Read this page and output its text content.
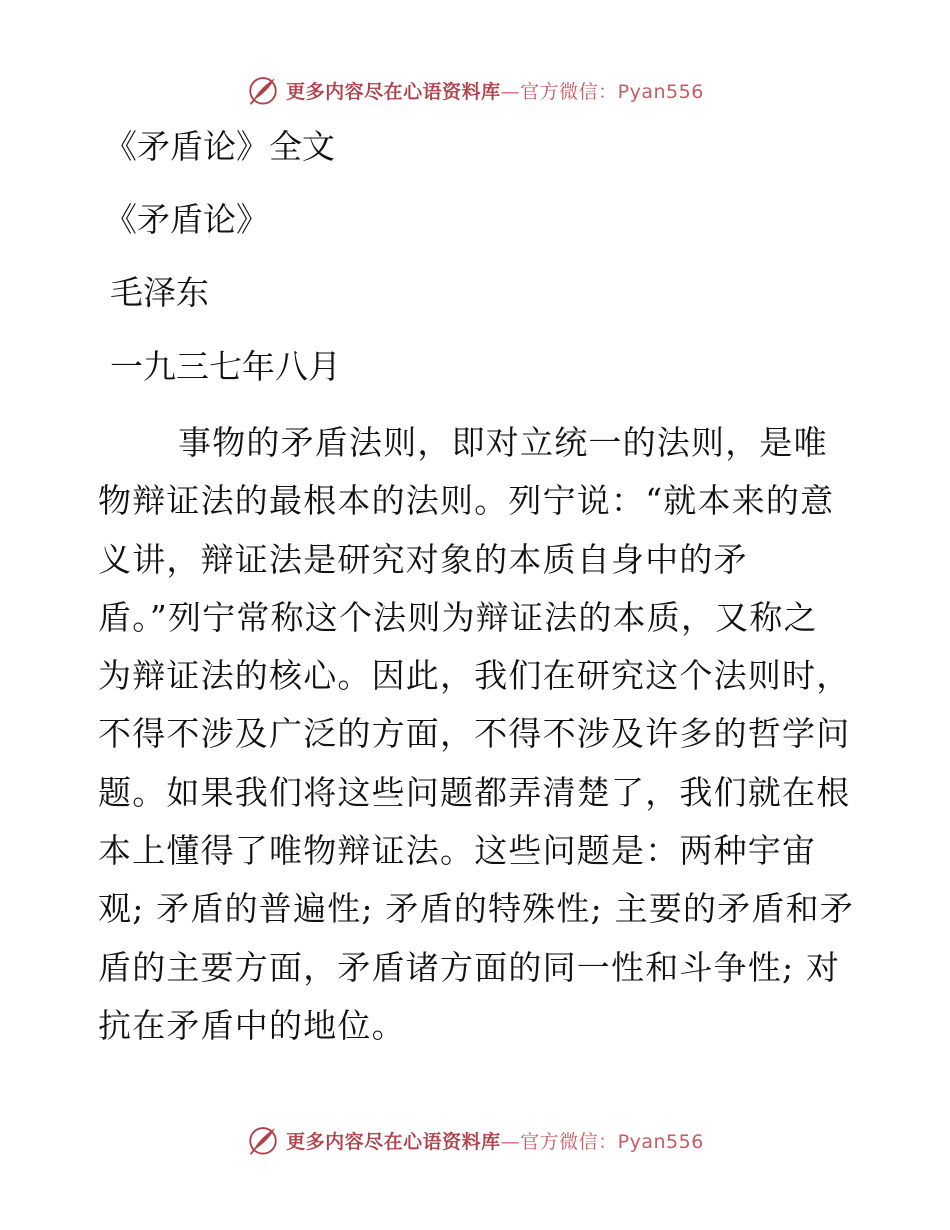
更多内容尽在心语资料库—官方微信：Pyan556
《矛盾论》全文
《矛盾论》
毛泽东
一九三七年八月
事物的矛盾法则，即对立统一的法则，是唯
物辩证法的最根本的法则。列宁说：“就本来的意
义讲，辩证法是研究对象的本质自身中的矛
盾。”列宁常称这个法则为辩证法的本质，又称之
为辩证法的核心。因此，我们在研究这个法则时，
不得不涉及广泛的方面，不得不涉及许多的哲学问
题。如果我们将这些问题都弄清楚了，我们就在根
本上懂得了唯物辩证法。这些问题是：两种宇宙
观; 矛盾的普遍性; 矛盾的特殊性; 主要的矛盾和矛
盾的主要方面，矛盾诸方面的同一性和斗争性; 对
抗在矛盾中的地位。
更多内容尽在心语资料库—官方微信：Pyan556
